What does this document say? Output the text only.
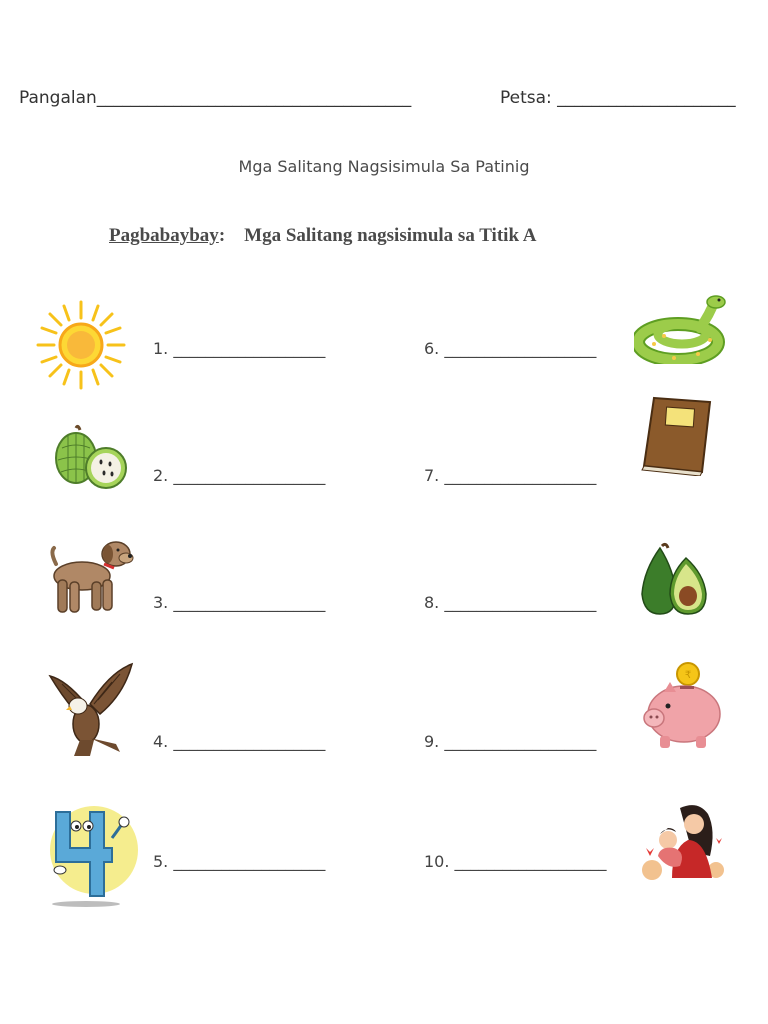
Pangalan_____________________________________	Petsa: _____________________
Mga Salitang Nagsisimula Sa Patinig
Pagbabaybay: Mga Salitang nagsisimula sa Titik A
1. ___________________
2. ___________________
3. ___________________
4. ___________________
5. ___________________
6. ___________________
7. ___________________
8. ___________________
9. ___________________
10. ___________________
₹
